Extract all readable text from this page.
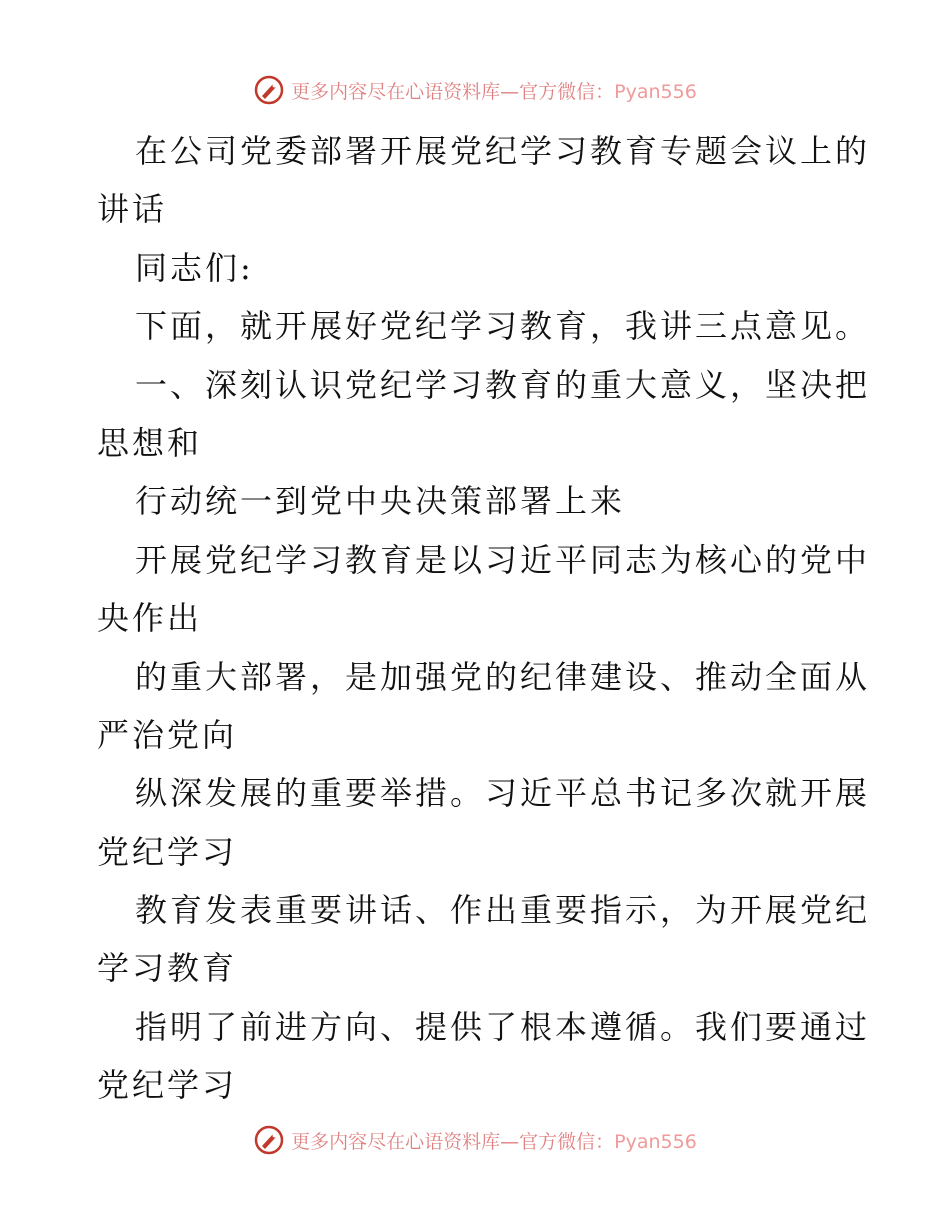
更多内容尽在心语资料库—官方微信：Pyan556
在公司党委部署开展党纪学习教育专题会议上的
讲话
同志们:
下面，就开展好党纪学习教育，我讲三点意见。
一、深刻认识党纪学习教育的重大意义，坚决把
思想和
行动统一到党中央决策部署上来
开展党纪学习教育是以习近平同志为核心的党中
央作出
的重大部署，是加强党的纪律建设、推动全面从
严治党向
纵深发展的重要举措。习近平总书记多次就开展
党纪学习
教育发表重要讲话、作出重要指示，为开展党纪
学习教育
指明了前进方向、提供了根本遵循。我们要通过
党纪学习
更多内容尽在心语资料库—官方微信：Pyan556
